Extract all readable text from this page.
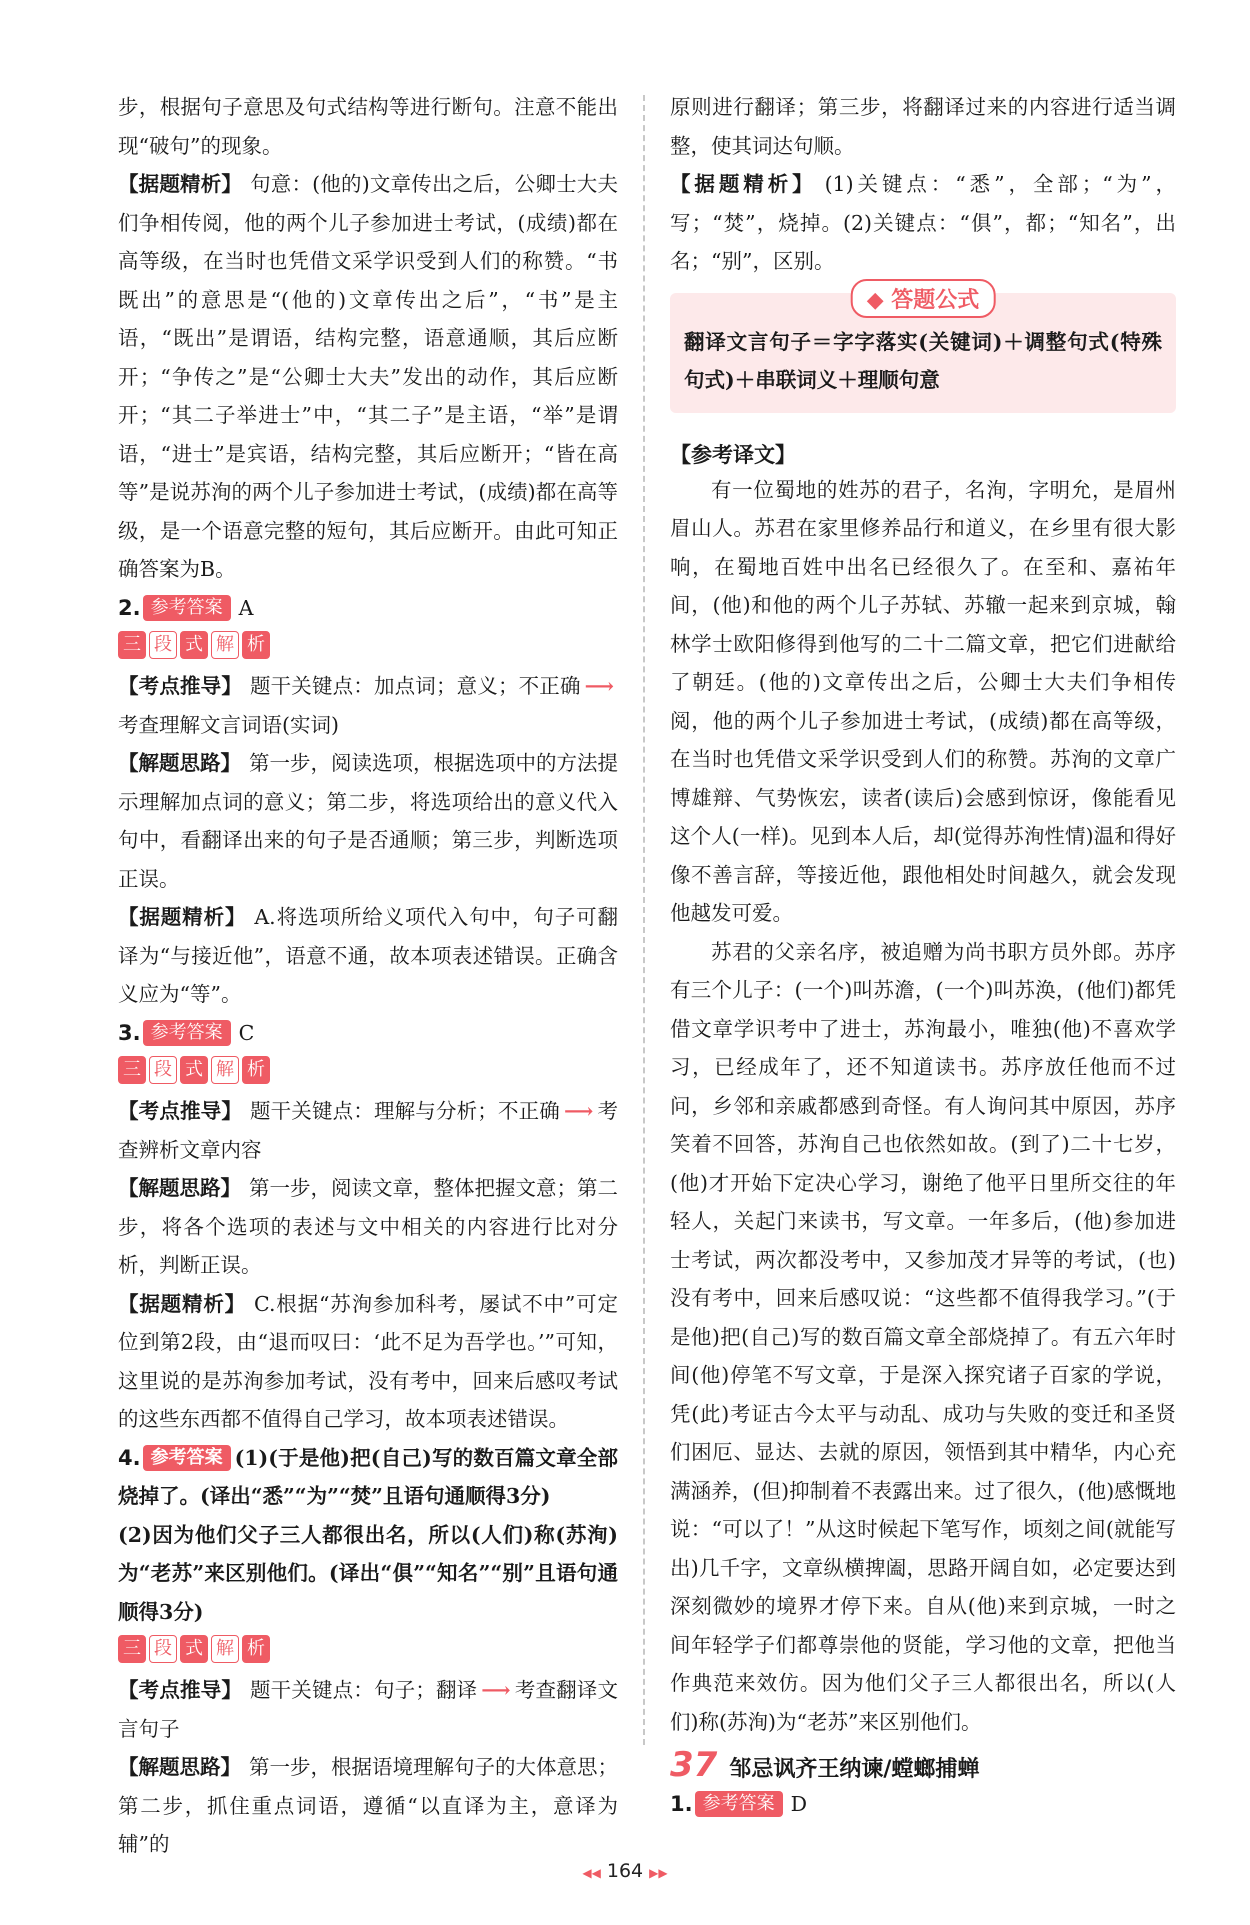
步，根据句子意思及句式结构等进行断句。注意不能出现“破句”的现象。

【据题精析】 句意：(他的)文章传出之后，公卿士大夫们争相传阅，他的两个儿子参加进士考试，(成绩)都在高等级，在当时也凭借文采学识受到人们的称赞。“书既出”的意思是“(他的)文章传出之后”，“书”是主语，“既出”是谓语，结构完整，语意通顺，其后应断开；“争传之”是“公卿士大夫”发出的动作，其后应断开；“其二子举进士”中，“其二子”是主语，“举”是谓语，“进士”是宾语，结构完整，其后应断开；“皆在高等”是说苏洵的两个儿子参加进士考试，(成绩)都在高等级，是一个语意完整的短句，其后应断开。由此可知正确答案为B。

2. 参考答案 A

三 段 式 解 析

【考点推导】 题干关键点：加点词；意义；不正确 ⟶考查理解文言词语(实词)

【解题思路】 第一步，阅读选项，根据选项中的方法提示理解加点词的意义；第二步，将选项给出的意义代入句中，看翻译出来的句子是否通顺；第三步，判断选项正误。

【据题精析】 A.将选项所给义项代入句中，句子可翻译为“与接近他”，语意不通，故本项表述错误。正确含义应为“等”。

3. 参考答案 C

三 段 式 解 析

【考点推导】 题干关键点：理解与分析；不正确 ⟶ 考查辨析文章内容

【解题思路】 第一步，阅读文章，整体把握文意；第二步，将各个选项的表述与文中相关的内容进行比对分析，判断正误。

【据题精析】 C.根据“苏洵参加科考，屡试不中”可定位到第2段，由“退而叹曰：‘此不足为吾学也。’”可知，这里说的是苏洵参加考试，没有考中，回来后感叹考试的这些东西都不值得自己学习，故本项表述错误。

4. 参考答案 (1)(于是他)把(自己)写的数百篇文章全部烧掉了。(译出“悉”“为”“焚”且语句通顺得3分)

(2)因为他们父子三人都很出名，所以(人们)称(苏洵)为“老苏”来区别他们。(译出“俱”“知名”“别”且语句通顺得3分)

三 段 式 解 析

【考点推导】 题干关键点：句子；翻译 ⟶ 考查翻译文言句子

【解题思路】 第一步，根据语境理解句子的大体意思；第二步，抓住重点词语，遵循“以直译为主，意译为辅”的

原则进行翻译；第三步，将翻译过来的内容进行适当调整，使其词达句顺。

【据题精析】 (1)关键点：“悉”，全部；“为”，写；“焚”，烧掉。(2)关键点：“俱”，都；“知名”，出名；“别”，区别。

◆ 答题公式

翻译文言句子＝字字落实(关键词)＋调整句式(特殊句式)＋串联词义＋理顺句意

【参考译文】

有一位蜀地的姓苏的君子，名洵，字明允，是眉州眉山人。苏君在家里修养品行和道义，在乡里有很大影响，在蜀地百姓中出名已经很久了。在至和、嘉祐年间，(他)和他的两个儿子苏轼、苏辙一起来到京城，翰林学士欧阳修得到他写的二十二篇文章，把它们进献给了朝廷。(他的)文章传出之后，公卿士大夫们争相传阅，他的两个儿子参加进士考试，(成绩)都在高等级，在当时也凭借文采学识受到人们的称赞。苏洵的文章广博雄辩、气势恢宏，读者(读后)会感到惊讶，像能看见这个人(一样)。见到本人后，却(觉得苏洵性情)温和得好像不善言辞，等接近他，跟他相处时间越久，就会发现他越发可爱。

苏君的父亲名序，被追赠为尚书职方员外郎。苏序有三个儿子：(一个)叫苏澹，(一个)叫苏涣，(他们)都凭借文章学识考中了进士，苏洵最小，唯独(他)不喜欢学习，已经成年了，还不知道读书。苏序放任他而不过问，乡邻和亲戚都感到奇怪。有人询问其中原因，苏序笑着不回答，苏洵自己也依然如故。(到了)二十七岁，(他)才开始下定决心学习，谢绝了他平日里所交往的年轻人，关起门来读书，写文章。一年多后，(他)参加进士考试，两次都没考中，又参加茂才异等的考试，(也)没有考中，回来后感叹说：“这些都不值得我学习。”(于是他)把(自己)写的数百篇文章全部烧掉了。有五六年时间(他)停笔不写文章，于是深入探究诸子百家的学说，凭(此)考证古今太平与动乱、成功与失败的变迁和圣贤们困厄、显达、去就的原因，领悟到其中精华，内心充满涵养，(但)抑制着不表露出来。过了很久，(他)感慨地说：“可以了！”从这时候起下笔写作，顷刻之间(就能写出)几千字，文章纵横捭阖，思路开阔自如，必定要达到深刻微妙的境界才停下来。自从(他)来到京城，一时之间年轻学子们都尊崇他的贤能，学习他的文章，把他当作典范来效仿。因为他们父子三人都很出名，所以(人们)称(苏洵)为“老苏”来区别他们。

37 邹忌讽齐王纳谏/螳螂捕蝉

1. 参考答案 D

◀◀ 164 ▶▶
